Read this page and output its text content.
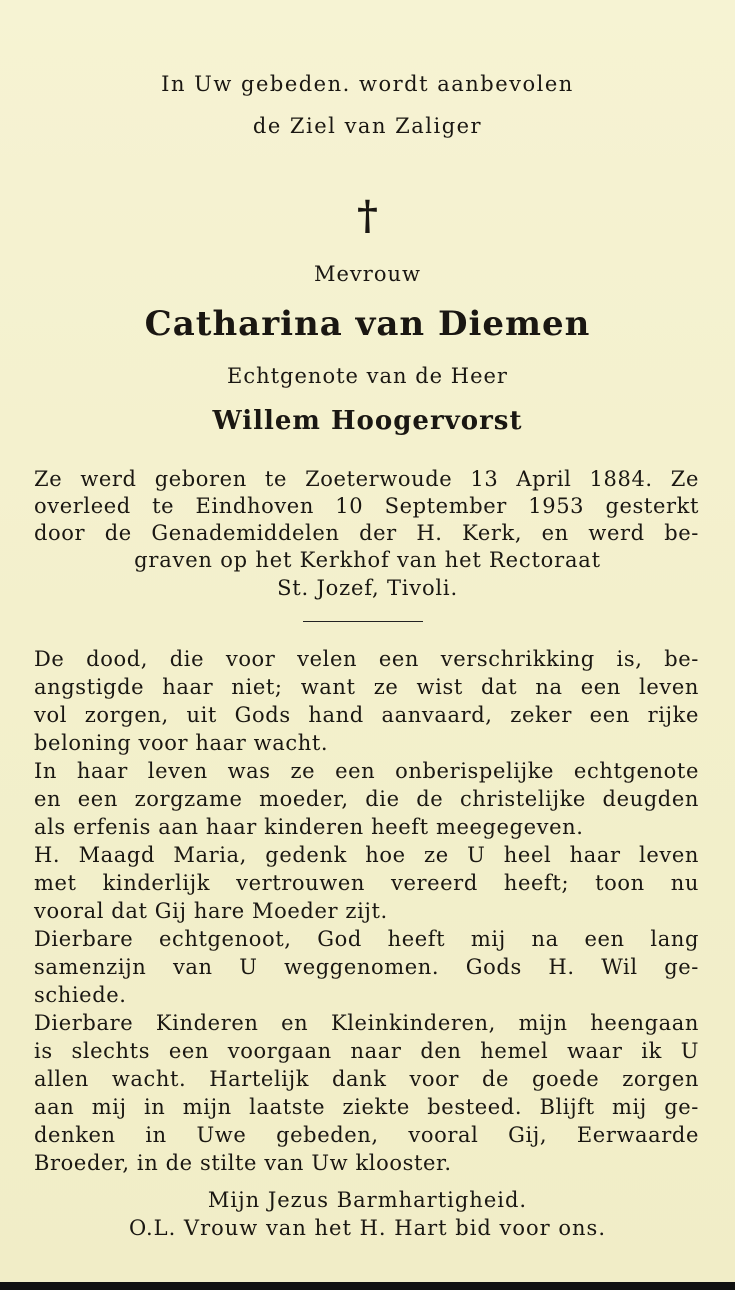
In Uw gebeden. wordt aanbevolen
de Ziel van Zaliger
†
Mevrouw
Catharina van Diemen
Echtgenote van de Heer
Willem Hoogervorst
Ze werd geboren te Zoeterwoude 13 April 1884. Ze
overleed te Eindhoven 10 September 1953 gesterkt
door de Genademiddelen der H. Kerk, en werd be-
graven op het Kerkhof van het Rectoraat
St. Jozef, Tivoli.
De dood, die voor velen een verschrikking is, be-
angstigde haar niet; want ze wist dat na een leven
vol zorgen, uit Gods hand aanvaard, zeker een rijke
beloning voor haar wacht.
In haar leven was ze een onberispelijke echtgenote
en een zorgzame moeder, die de christelijke deugden
als erfenis aan haar kinderen heeft meegegeven.
H. Maagd Maria, gedenk hoe ze U heel haar leven
met kinderlijk vertrouwen vereerd heeft; toon nu
vooral dat Gij hare Moeder zijt.
Dierbare echtgenoot, God heeft mij na een lang
samenzijn van U weggenomen. Gods H. Wil ge-
schiede.
Dierbare Kinderen en Kleinkinderen, mijn heengaan
is slechts een voorgaan naar den hemel waar ik U
allen wacht. Hartelijk dank voor de goede zorgen
aan mij in mijn laatste ziekte besteed. Blijft mij ge-
denken in Uwe gebeden, vooral Gij, Eerwaarde
Broeder, in de stilte van Uw klooster.
Mijn Jezus Barmhartigheid.
O.L. Vrouw van het H. Hart bid voor ons.
